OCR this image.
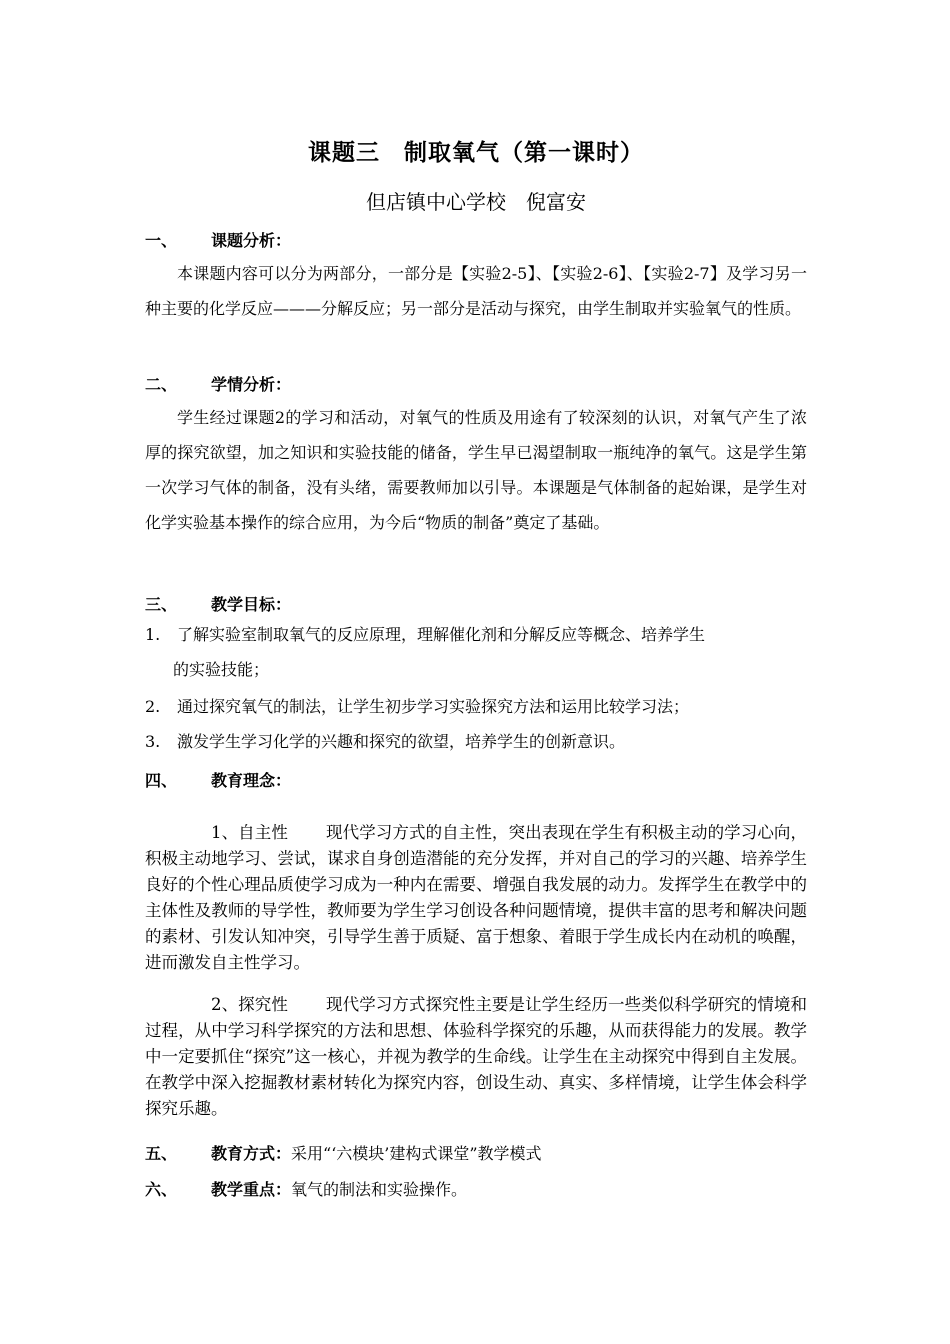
课题三　制取氧气（第一课时）
但店镇中心学校　倪富安
一、 课题分析：
本课题内容可以分为两部分，一部分是【实验2-5】、【实验2-6】、【实验2-7】及学习另一种主要的化学反应———分解反应；另一部分是活动与探究，由学生制取并实验氧气的性质。
二、 学情分析：
学生经过课题2的学习和活动，对氧气的性质及用途有了较深刻的认识，对氧气产生了浓厚的探究欲望，加之知识和实验技能的储备，学生早已渴望制取一瓶纯净的氧气。这是学生第一次学习气体的制备，没有头绪，需要教师加以引导。本课题是气体制备的起始课，是学生对化学实验基本操作的综合应用，为今后“物质的制备”奠定了基础。
三、 教学目标：
1. 了解实验室制取氧气的反应原理，理解催化剂和分解反应等概念、培养学生
的实验技能；
2. 通过探究氧气的制法，让学生初步学习实验探究方法和运用比较学习法；
3. 激发学生学习化学的兴趣和探究的欲望，培养学生的创新意识。
四、 教育理念：
1、自主性 现代学习方式的自主性，突出表现在学生有积极主动的学习心向，积极主动地学习、尝试，谋求自身创造潜能的充分发挥，并对自己的学习的兴趣、培养学生良好的个性心理品质使学习成为一种内在需要、增强自我发展的动力。发挥学生在教学中的主体性及教师的导学性，教师要为学生学习创设各种问题情境，提供丰富的思考和解决问题的素材、引发认知冲突，引导学生善于质疑、富于想象、着眼于学生成长内在动机的唤醒，进而激发自主性学习。
2、探究性 现代学习方式探究性主要是让学生经历一些类似科学研究的情境和过程，从中学习科学探究的方法和思想、体验科学探究的乐趣，从而获得能力的发展。教学中一定要抓住“探究”这一核心，并视为教学的生命线。让学生在主动探究中得到自主发展。在教学中深入挖掘教材素材转化为探究内容，创设生动、真实、多样情境，让学生体会科学探究乐趣。
五、 教育方式：采用“‘六模块’建构式课堂”教学模式
六、 教学重点：氧气的制法和实验操作。
